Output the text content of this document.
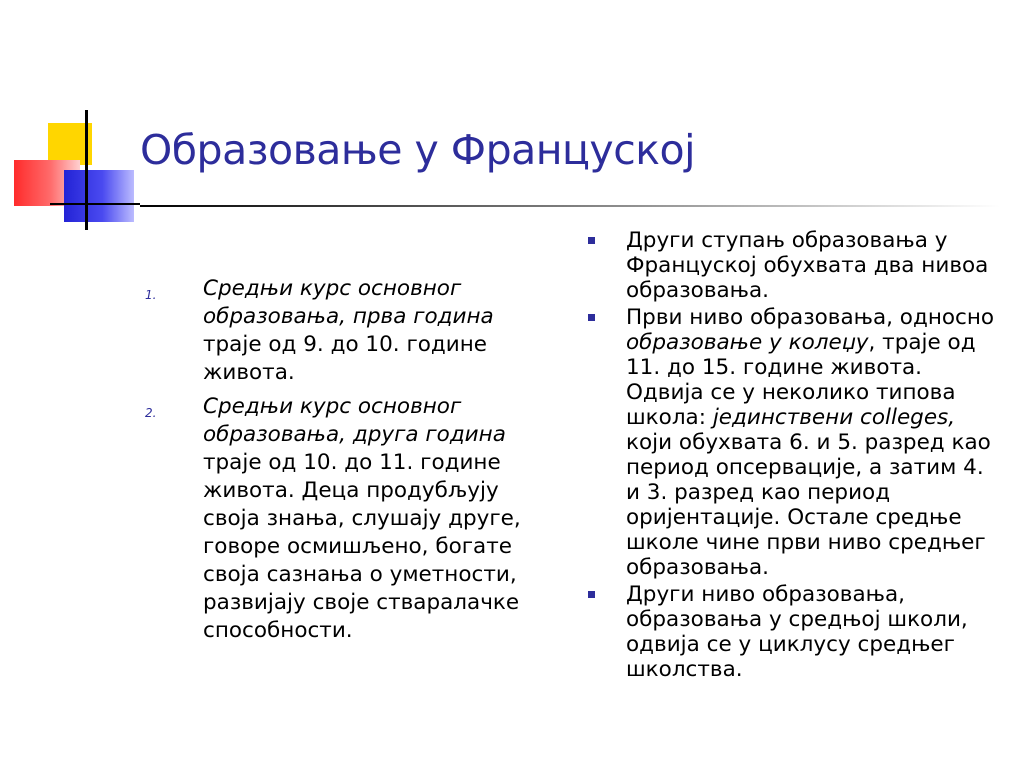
Образовање у Француској
1. Средњи курс основног образовања, прва година траје од 9. до 10. године живота.
2. Средњи курс основног образовања, друга година траје од 10. до 11. године живота. Деца продубљују своја знања, слушају друге, говоре осмишљено, богате своја сазнања о уметности, развијају своје стваралачке способности.
Други ступањ образовања у Француској обухвата два нивоа образовања.
Први ниво образовања, односно образовање у колеџу, траје од 11. до 15. године живота. Одвија се у неколико типова школа: јединствени colleges, који обухвата 6. и 5. разред као период опсервације, а затим 4. и 3. разред као период оријентације. Остале средње школе чине први ниво средњег образовања.
Други ниво образовања, образовања у средњој школи, одвија се у циклусу средњег школства.
